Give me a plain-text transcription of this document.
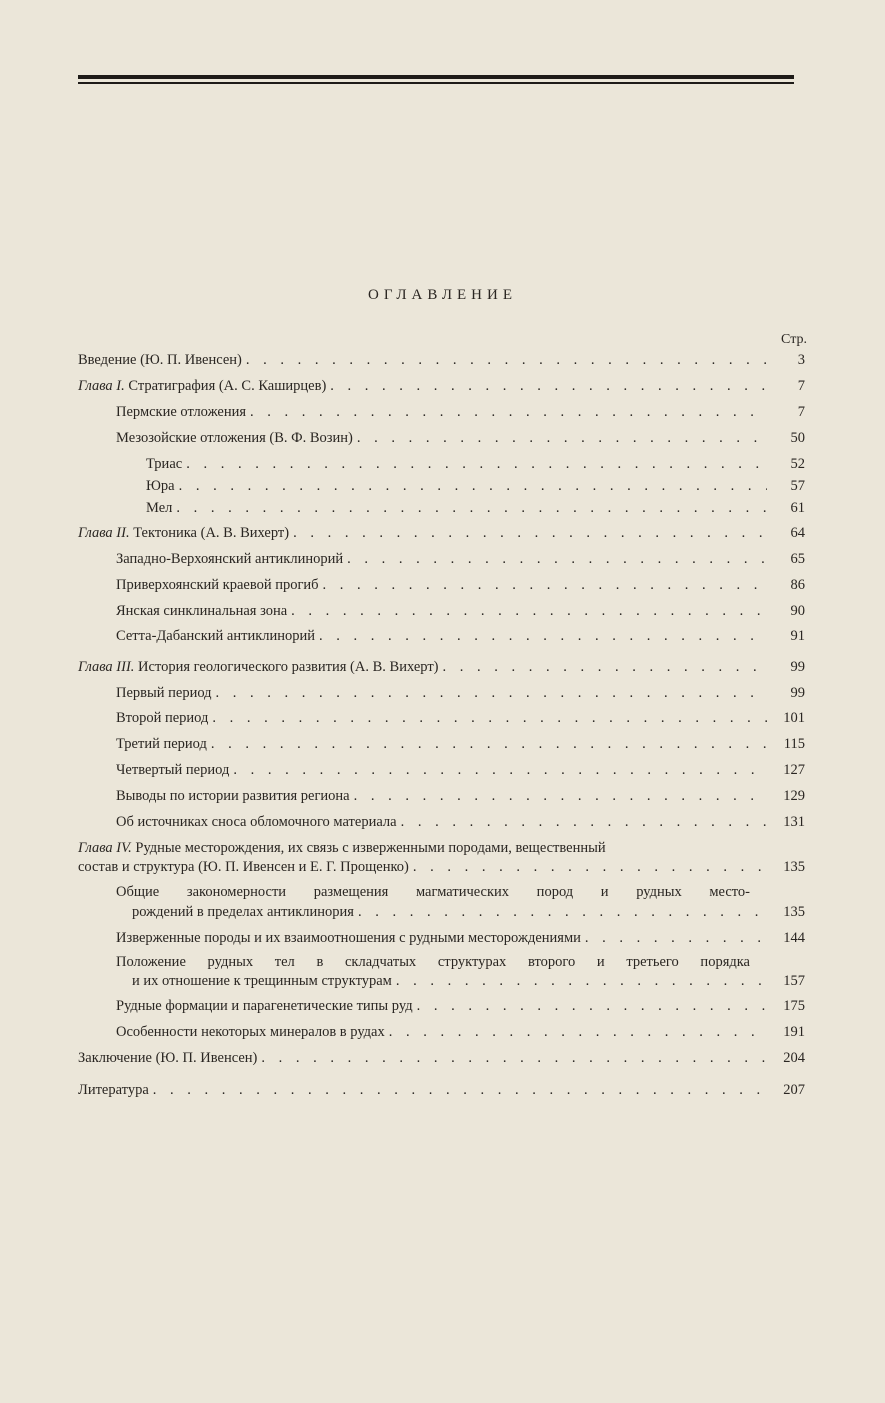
ОГЛАВЛЕНИЕ
Стр.
Введение (Ю. П. Ивенсен) . . .	3
Глава I. Стратиграфия (А. С. Каширцев) . . .	7
Пермские отложения . . .	7
Мезозойские отложения (В. Ф. Возин) . . .	50
Триас . . .	52
Юра . . .	57
Мел . . .	61
Глава II. Тектоника (А. В. Вихерт) . . .	64
Западно-Верхоянский антиклинорий . . .	65
Приверхоянский краевой прогиб . . .	86
Янская синклинальная зона . . .	90
Сетта-Дабанский антиклинорий . . .	91
Глава III. История геологического развития (А. В. Вихерт) . . .	99
Первый период . . .	99
Второй период . . .	101
Третий период . . .	115
Четвертый период . . .	127
Выводы по истории развития региона . . .	129
Об источниках сноса обломочного материала . . .	131
Глава IV. Рудные месторождения, их связь с изверженными породами, вещественный
состав и структура (Ю. П. Ивенсен и Е. Г. Прощенко) . . .	135
Общие закономерности размещения магматических пород и рудных место-
рождений в пределах антиклинория . . .	135
Изверженные породы и их взаимоотношения с рудными месторождениями . . .	144
Положение рудных тел в складчатых структурах второго и третьего порядка
и их отношение к трещинным структурам . . .	157
Рудные формации и парагенетические типы руд . . .	175
Особенности некоторых минералов в рудах . . .	191
Заключение (Ю. П. Ивенсен) . . .	204
Литература . . .	207
